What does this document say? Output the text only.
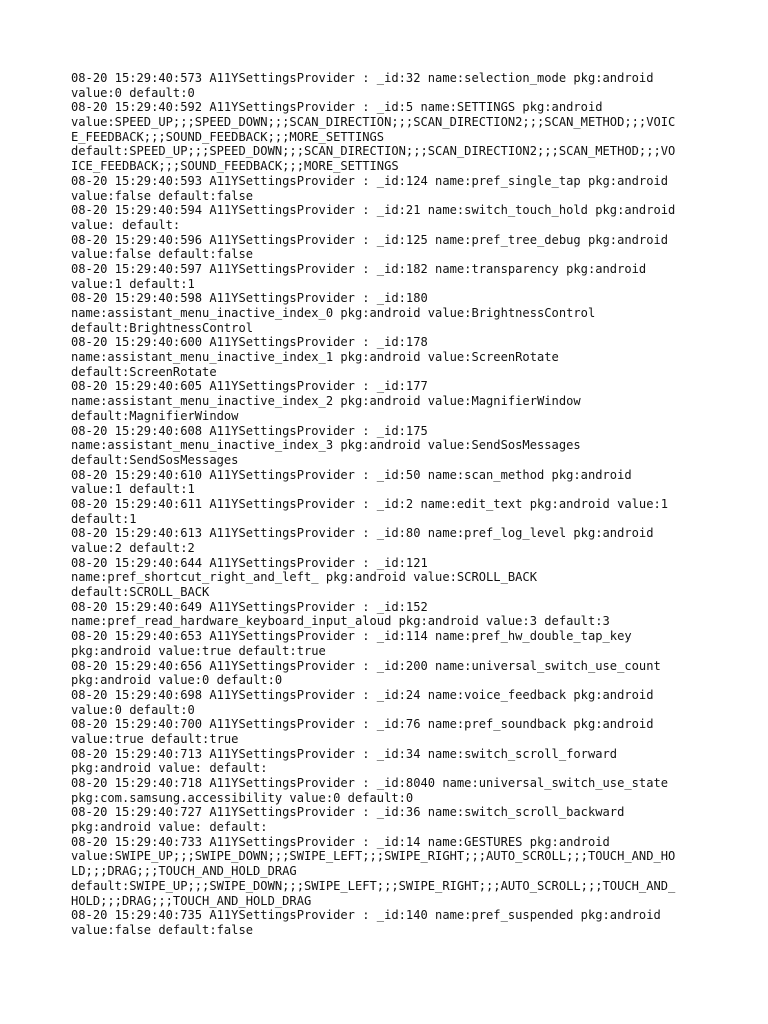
08-20 15:29:40:573 A11YSettingsProvider : _id:32 name:selection_mode pkg:android
value:0 default:0
08-20 15:29:40:592 A11YSettingsProvider : _id:5 name:SETTINGS pkg:android
value:SPEED_UP;;;SPEED_DOWN;;;SCAN_DIRECTION;;;SCAN_DIRECTION2;;;SCAN_METHOD;;;VOIC
E_FEEDBACK;;;SOUND_FEEDBACK;;;MORE_SETTINGS
default:SPEED_UP;;;SPEED_DOWN;;;SCAN_DIRECTION;;;SCAN_DIRECTION2;;;SCAN_METHOD;;;VO
ICE_FEEDBACK;;;SOUND_FEEDBACK;;;MORE_SETTINGS
08-20 15:29:40:593 A11YSettingsProvider : _id:124 name:pref_single_tap pkg:android
value:false default:false
08-20 15:29:40:594 A11YSettingsProvider : _id:21 name:switch_touch_hold pkg:android
value: default:
08-20 15:29:40:596 A11YSettingsProvider : _id:125 name:pref_tree_debug pkg:android
value:false default:false
08-20 15:29:40:597 A11YSettingsProvider : _id:182 name:transparency pkg:android
value:1 default:1
08-20 15:29:40:598 A11YSettingsProvider : _id:180
name:assistant_menu_inactive_index_0 pkg:android value:BrightnessControl
default:BrightnessControl
08-20 15:29:40:600 A11YSettingsProvider : _id:178
name:assistant_menu_inactive_index_1 pkg:android value:ScreenRotate
default:ScreenRotate
08-20 15:29:40:605 A11YSettingsProvider : _id:177
name:assistant_menu_inactive_index_2 pkg:android value:MagnifierWindow
default:MagnifierWindow
08-20 15:29:40:608 A11YSettingsProvider : _id:175
name:assistant_menu_inactive_index_3 pkg:android value:SendSosMessages
default:SendSosMessages
08-20 15:29:40:610 A11YSettingsProvider : _id:50 name:scan_method pkg:android
value:1 default:1
08-20 15:29:40:611 A11YSettingsProvider : _id:2 name:edit_text pkg:android value:1
default:1
08-20 15:29:40:613 A11YSettingsProvider : _id:80 name:pref_log_level pkg:android
value:2 default:2
08-20 15:29:40:644 A11YSettingsProvider : _id:121
name:pref_shortcut_right_and_left_ pkg:android value:SCROLL_BACK
default:SCROLL_BACK
08-20 15:29:40:649 A11YSettingsProvider : _id:152
name:pref_read_hardware_keyboard_input_aloud pkg:android value:3 default:3
08-20 15:29:40:653 A11YSettingsProvider : _id:114 name:pref_hw_double_tap_key
pkg:android value:true default:true
08-20 15:29:40:656 A11YSettingsProvider : _id:200 name:universal_switch_use_count
pkg:android value:0 default:0
08-20 15:29:40:698 A11YSettingsProvider : _id:24 name:voice_feedback pkg:android
value:0 default:0
08-20 15:29:40:700 A11YSettingsProvider : _id:76 name:pref_soundback pkg:android
value:true default:true
08-20 15:29:40:713 A11YSettingsProvider : _id:34 name:switch_scroll_forward
pkg:android value: default:
08-20 15:29:40:718 A11YSettingsProvider : _id:8040 name:universal_switch_use_state
pkg:com.samsung.accessibility value:0 default:0
08-20 15:29:40:727 A11YSettingsProvider : _id:36 name:switch_scroll_backward
pkg:android value: default:
08-20 15:29:40:733 A11YSettingsProvider : _id:14 name:GESTURES pkg:android
value:SWIPE_UP;;;SWIPE_DOWN;;;SWIPE_LEFT;;;SWIPE_RIGHT;;;AUTO_SCROLL;;;TOUCH_AND_HO
LD;;;DRAG;;;TOUCH_AND_HOLD_DRAG
default:SWIPE_UP;;;SWIPE_DOWN;;;SWIPE_LEFT;;;SWIPE_RIGHT;;;AUTO_SCROLL;;;TOUCH_AND_
HOLD;;;DRAG;;;TOUCH_AND_HOLD_DRAG
08-20 15:29:40:735 A11YSettingsProvider : _id:140 name:pref_suspended pkg:android
value:false default:false
